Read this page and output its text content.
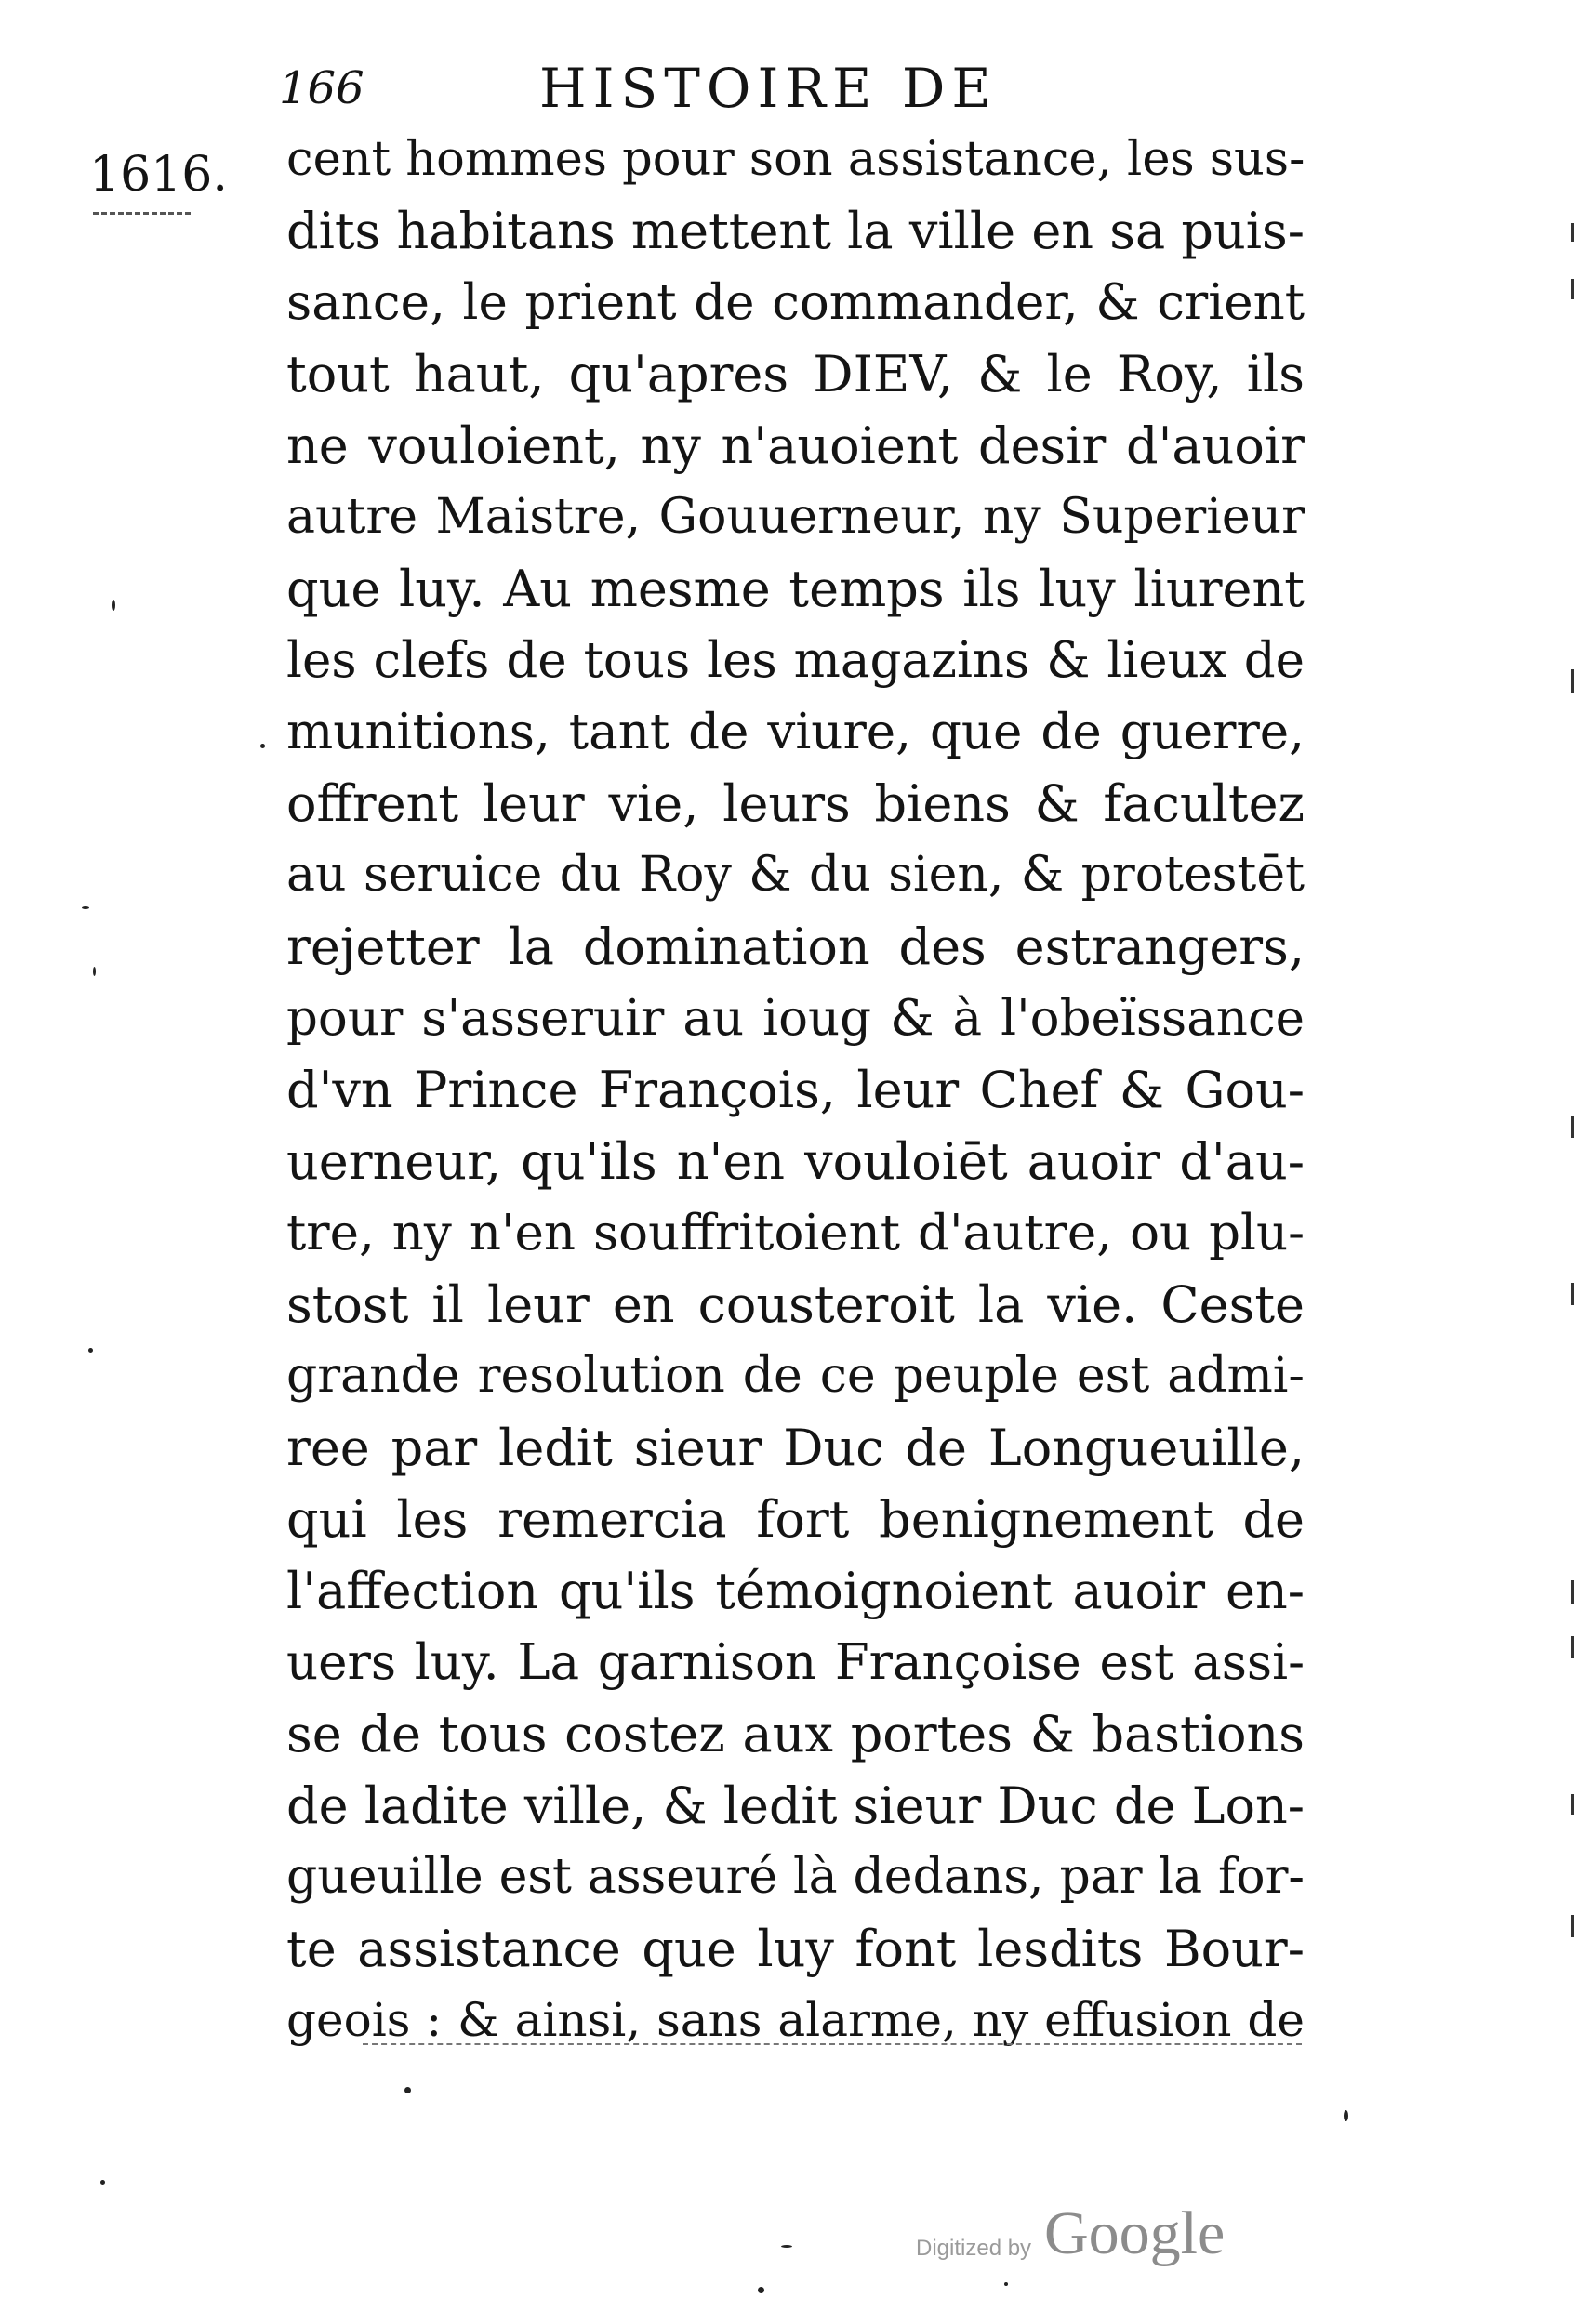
166	HISTOIRE DE
1616. cent hommes pour son assistance, les sus-
dits habitans mettent la ville en sa puis-
sance, le prient de commander, & crient
tout haut, qu'apres DIEV, & le Roy, ils
ne vouloient, ny n'auoient desir d'auoir
autre Maistre, Gouuerneur, ny Superieur
que luy. Au mesme temps ils luy liurent
les clefs de tous les magazins & lieux de
munitions, tant de viure, que de guerre,
offrent leur vie, leurs biens & facultez
au seruice du Roy & du sien, & protestēt
rejetter la domination des estrangers,
pour s'asseruir au ioug & à l'obeïssance
d'vn Prince François, leur Chef & Gou-
uerneur, qu'ils n'en vouloiēt auoir d'au-
tre, ny n'en souffritoient d'autre, ou plu-
stost il leur en cousteroit la vie. Ceste
grande resolution de ce peuple est admi-
ree par ledit sieur Duc de Longueuille,
qui les remercia fort benignement de
l'affection qu'ils témoignoient auoir en-
uers luy. La garnison Françoise est assi-
se de tous costez aux portes & bastions
de ladite ville, & ledit sieur Duc de Lon-
gueuille est asseuré là dedans, par la for-
te assistance que luy font lesdits Bour-
geois : & ainsi, sans alarme, ny effusion de
Digitized by Google
